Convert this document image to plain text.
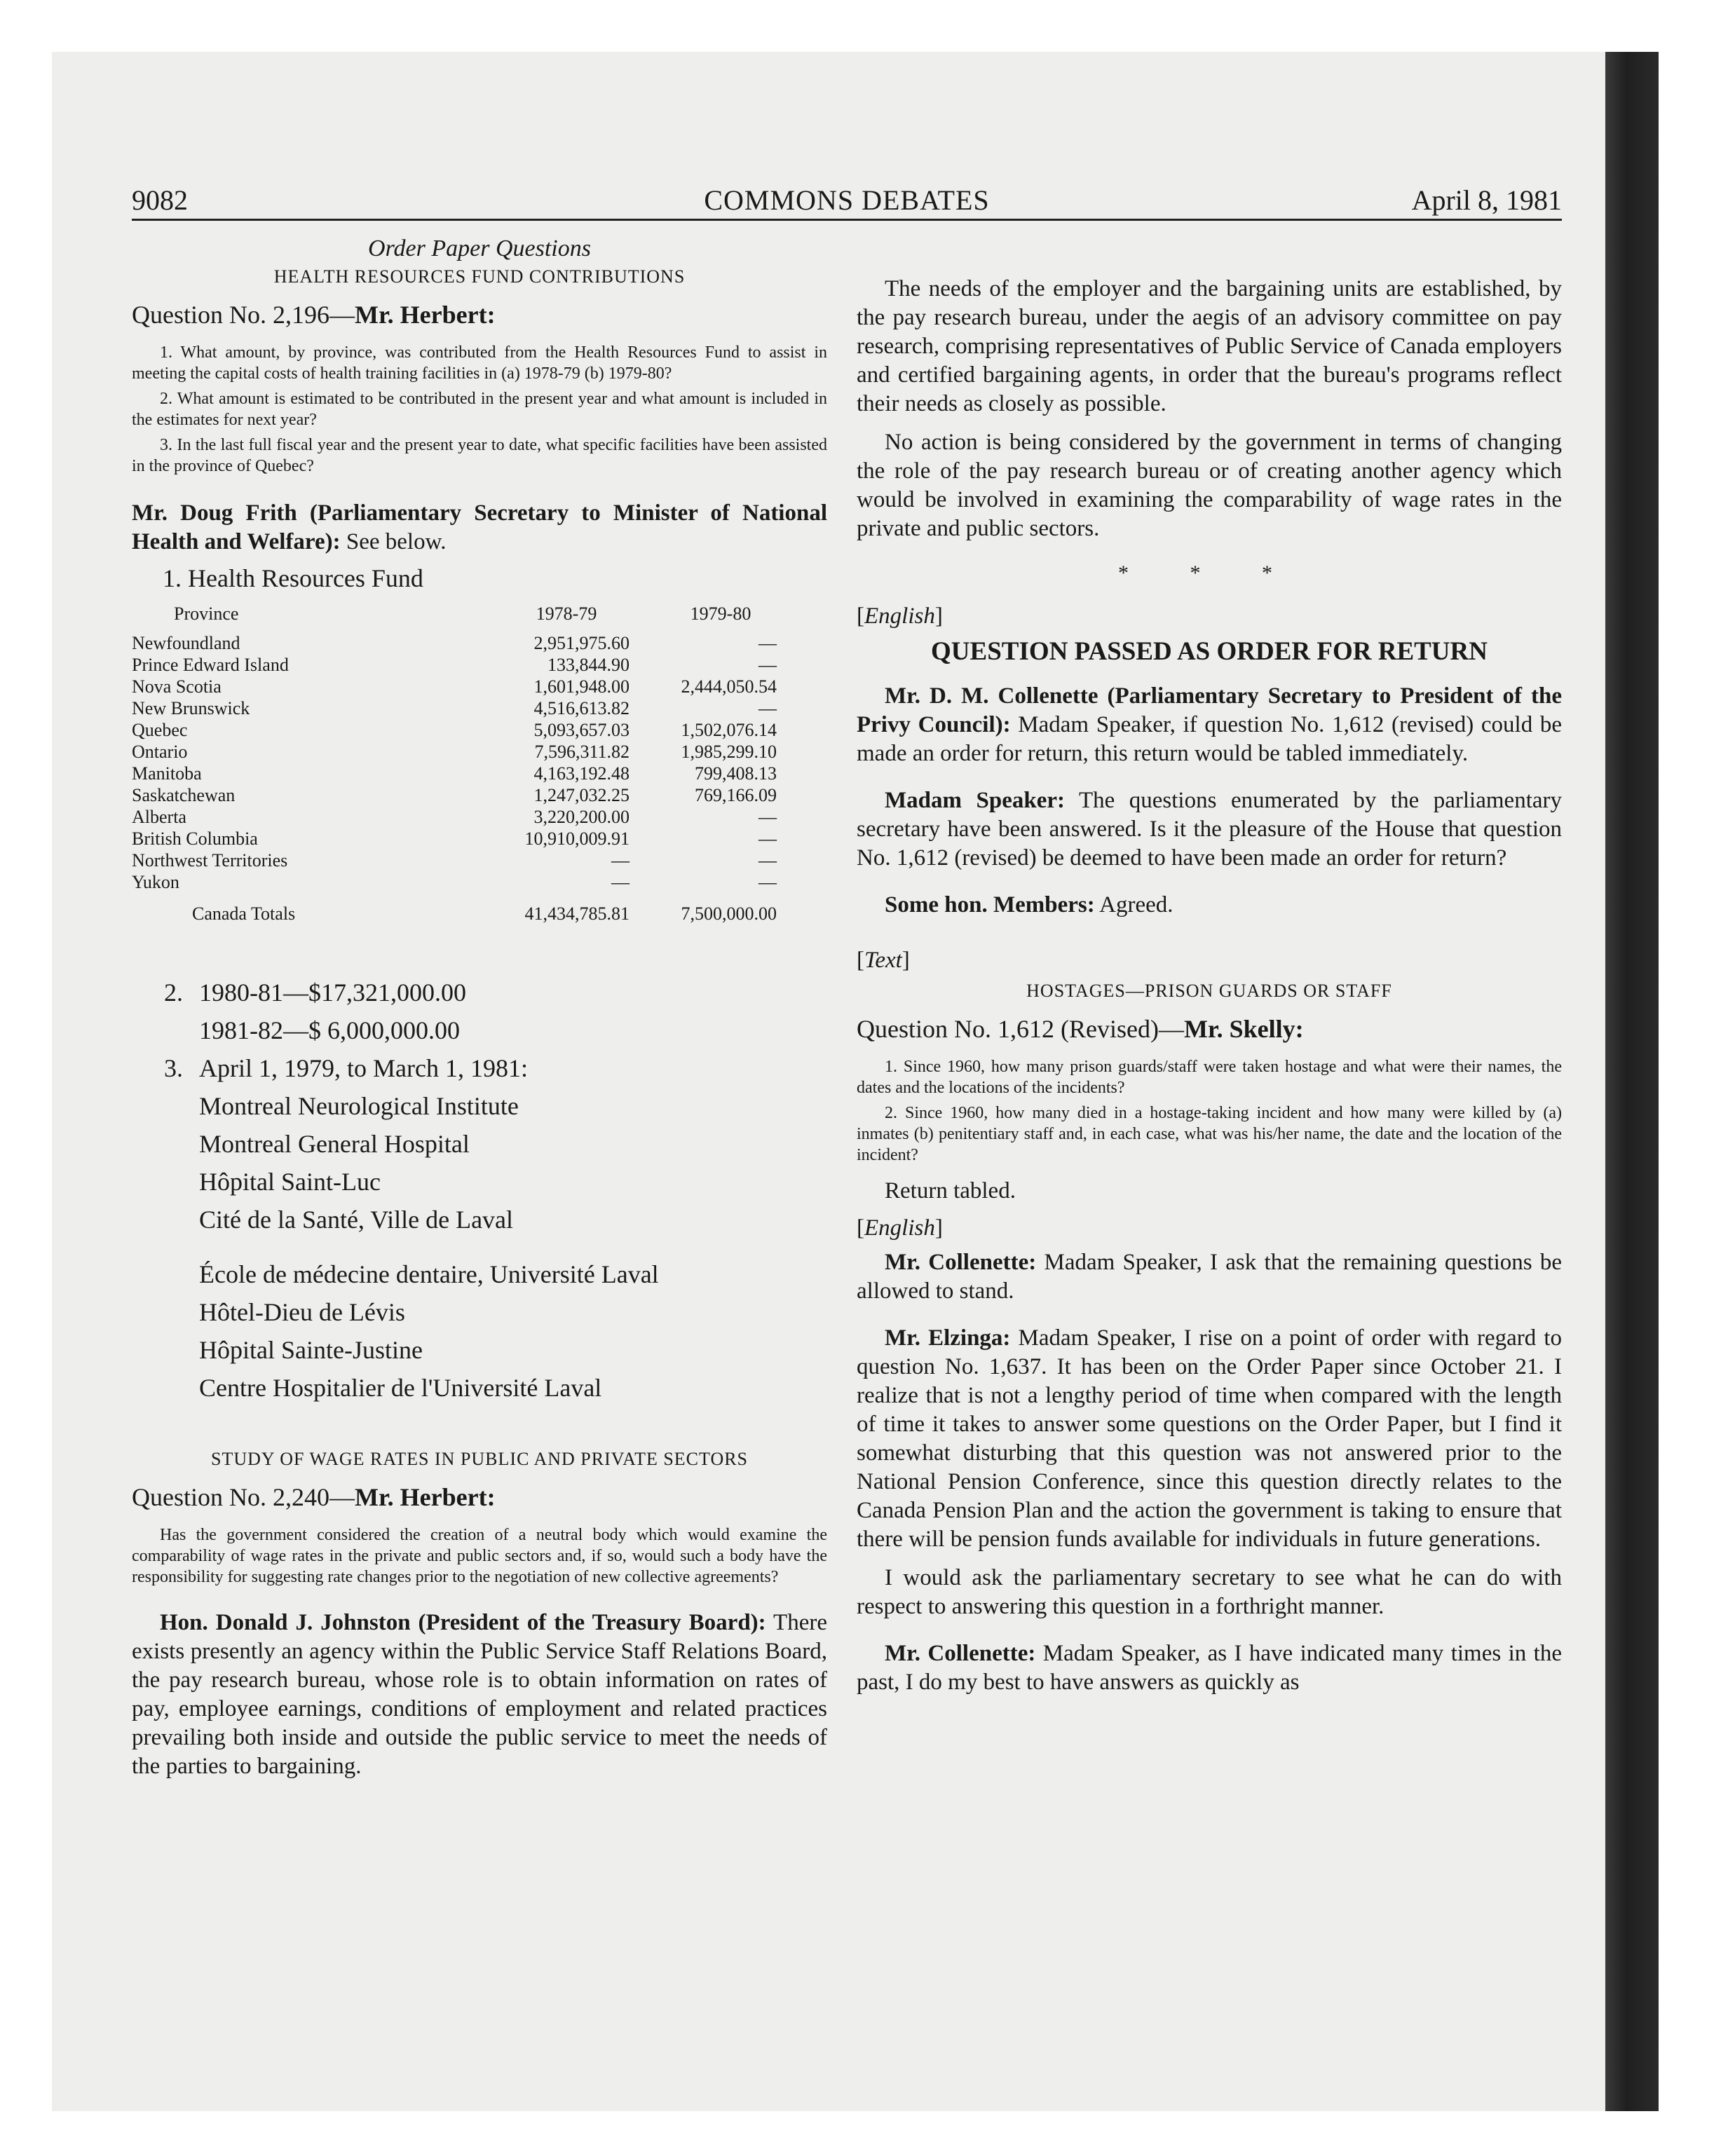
9082	COMMONS DEBATES	April 8, 1981
Order Paper Questions
HEALTH RESOURCES FUND CONTRIBUTIONS
Question No. 2,196—Mr. Herbert:
1. What amount, by province, was contributed from the Health Resources Fund to assist in meeting the capital costs of health training facilities in (a) 1978-79 (b) 1979-80?
2. What amount is estimated to be contributed in the present year and what amount is included in the estimates for next year?
3. In the last full fiscal year and the present year to date, what specific facilities have been assisted in the province of Quebec?

Mr. Doug Frith (Parliamentary Secretary to Minister of National Health and Welfare): See below.

1. Health Resources Fund
Province	1978-79	1979-80
Newfoundland	2,951,975.60	—
Prince Edward Island	133,844.90	—
Nova Scotia	1,601,948.00	2,444,050.54
New Brunswick	4,516,613.82	—
Quebec	5,093,657.03	1,502,076.14
Ontario	7,596,311.82	1,985,299.10
Manitoba	4,163,192.48	799,408.13
Saskatchewan	1,247,032.25	769,166.09
Alberta	3,220,200.00	—
British Columbia	10,910,009.91	—
Northwest Territories	—	—
Yukon	—	—
Canada Totals	41,434,785.81	7,500,000.00
2. 1980-81—$17,321,000.00
1981-82—$ 6,000,000.00
3. April 1, 1979, to March 1, 1981:
Montreal Neurological Institute
Montreal General Hospital
Hôpital Saint-Luc
Cité de la Santé, Ville de Laval
École de médecine dentaire, Université Laval
Hôtel-Dieu de Lévis
Hôpital Sainte-Justine
Centre Hospitalier de l'Université Laval
STUDY OF WAGE RATES IN PUBLIC AND PRIVATE SECTORS
Question No. 2,240—Mr. Herbert:
Has the government considered the creation of a neutral body which would examine the comparability of wage rates in the private and public sectors and, if so, would such a body have the responsibility for suggesting rate changes prior to the negotiation of new collective agreements?

Hon. Donald J. Johnston (President of the Treasury Board): There exists presently an agency within the Public Service Staff Relations Board, the pay research bureau, whose role is to obtain information on rates of pay, employee earnings, conditions of employment and related practices prevailing both inside and outside the public service to meet the needs of the parties to bargaining.

The needs of the employer and the bargaining units are established, by the pay research bureau, under the aegis of an advisory committee on pay research, comprising representatives of Public Service of Canada employers and certified bargaining agents, in order that the bureau's programs reflect their needs as closely as possible.

No action is being considered by the government in terms of changing the role of the pay research bureau or of creating another agency which would be involved in examining the comparability of wage rates in the private and public sectors.

* * *
[English]
QUESTION PASSED AS ORDER FOR RETURN

Mr. D. M. Collenette (Parliamentary Secretary to President of the Privy Council): Madam Speaker, if question No. 1,612 (revised) could be made an order for return, this return would be tabled immediately.

Madam Speaker: The questions enumerated by the parliamentary secretary have been answered. Is it the pleasure of the House that question No. 1,612 (revised) be deemed to have been made an order for return?

Some hon. Members: Agreed.

[Text]
HOSTAGES—PRISON GUARDS OR STAFF
Question No. 1,612 (Revised)—Mr. Skelly:
1. Since 1960, how many prison guards/staff were taken hostage and what were their names, the dates and the locations of the incidents?
2. Since 1960, how many died in a hostage-taking incident and how many were killed by (a) inmates (b) penitentiary staff and, in each case, what was his/her name, the date and the location of the incident?

Return tabled.

[English]

Mr. Collenette: Madam Speaker, I ask that the remaining questions be allowed to stand.

Mr. Elzinga: Madam Speaker, I rise on a point of order with regard to question No. 1,637. It has been on the Order Paper since October 21. I realize that is not a lengthy period of time when compared with the length of time it takes to answer some questions on the Order Paper, but I find it somewhat disturbing that this question was not answered prior to the National Pension Conference, since this question directly relates to the Canada Pension Plan and the action the government is taking to ensure that there will be pension funds available for individuals in future generations.

I would ask the parliamentary secretary to see what he can do with respect to answering this question in a forthright manner.

Mr. Collenette: Madam Speaker, as I have indicated many times in the past, I do my best to have answers as quickly as
